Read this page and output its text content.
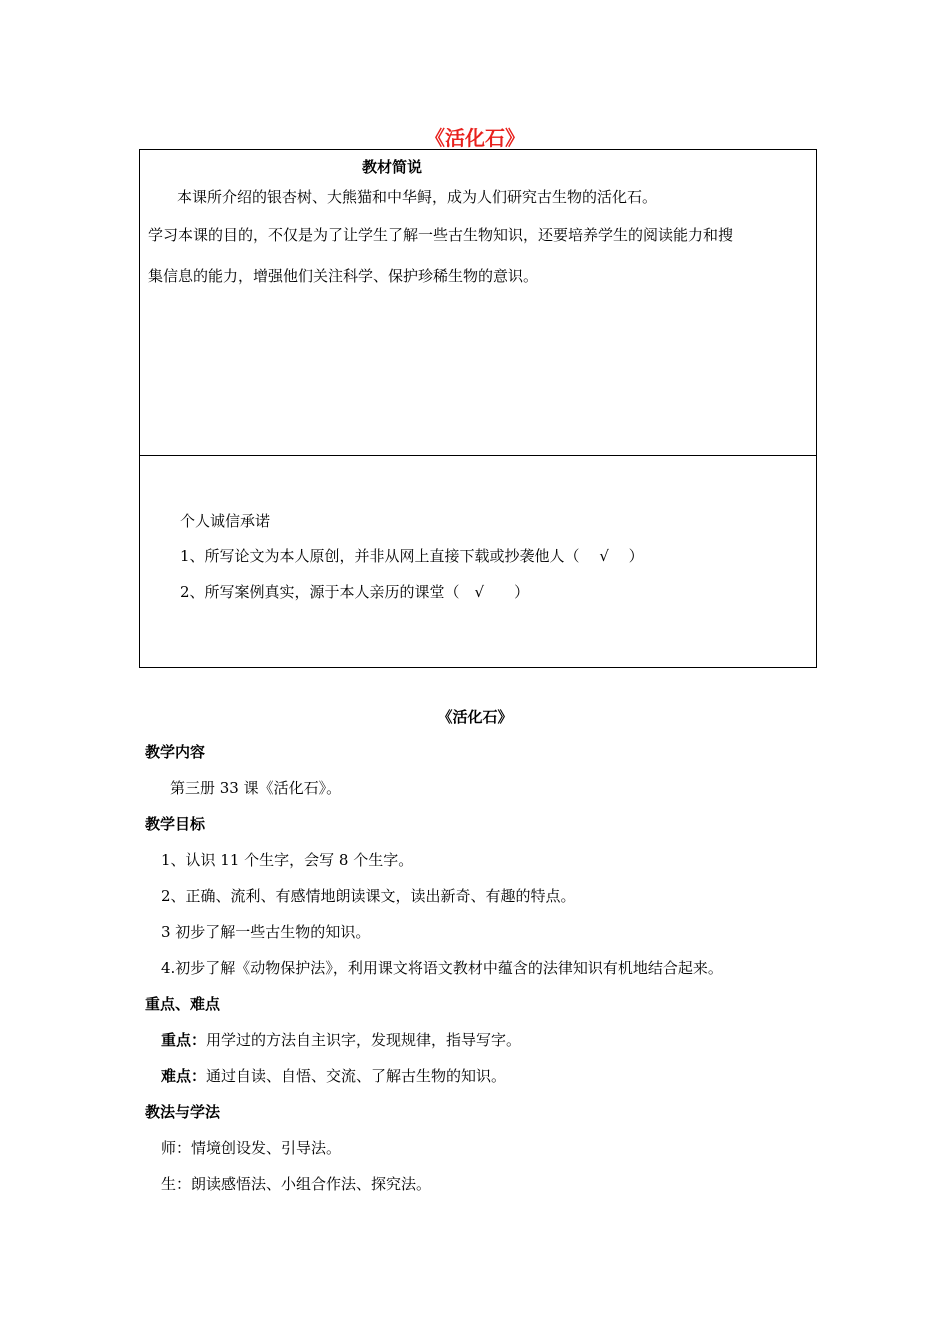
《活化石》
教材简说
本课所介绍的银杏树、大熊猫和中华鲟，成为人们研究古生物的活化石。
学习本课的目的，不仅是为了让学生了解一些古生物知识，还要培养学生的阅读能力和搜
集信息的能力，增强他们关注科学、保护珍稀生物的意识。
个人诚信承诺
1、所写论文为本人原创，并非从网上直接下载或抄袭他人（　 √　 ）
2、所写案例真实，源于本人亲历的课堂（　√　　）
《活化石》
教学内容
第三册 33 课《活化石》。
教学目标
1、认识 11 个生字，会写 8 个生字。
2、正确、流利、有感情地朗读课文，读出新奇、有趣的特点。
3 初步了解一些古生物的知识。
4.初步了解《动物保护法》，利用课文将语文教材中蕴含的法律知识有机地结合起来。
重点、难点
重点：用学过的方法自主识字，发现规律，指导写字。
难点：通过自读、自悟、交流、了解古生物的知识。
教法与学法
师：情境创设发、引导法。
生：朗读感悟法、小组合作法、探究法。
